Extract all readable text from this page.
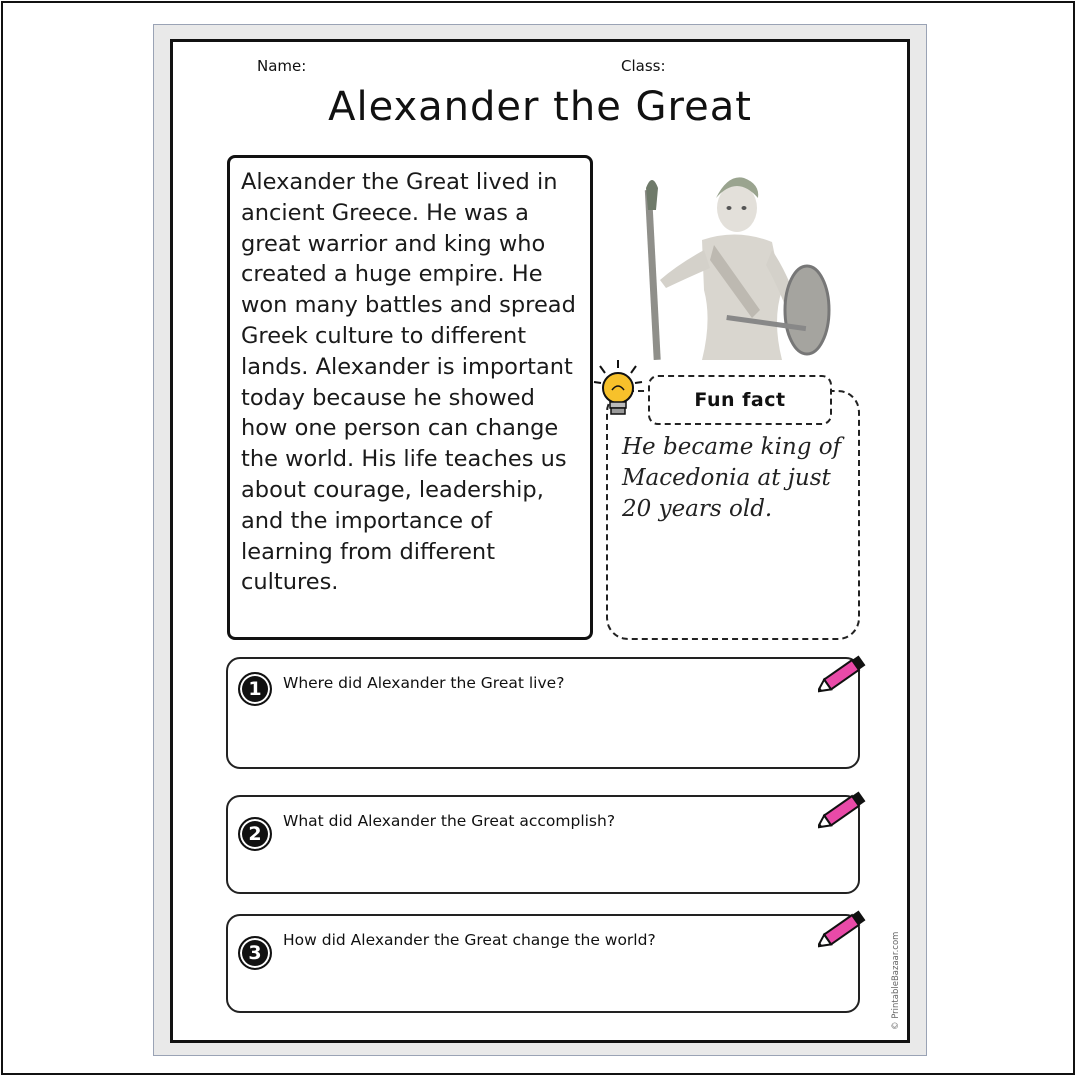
Name:	Class:
Alexander the Great

Alexander the Great lived in ancient Greece. He was a great warrior and king who created a huge empire. He won many battles and spread Greek culture to different lands. Alexander is important today because he showed how one person can change the world. His life teaches us about courage, leadership, and the importance of learning from different cultures.

Fun fact

He became king of Macedonia at just 20 years old.

1	Where did Alexander the Great live?
2
What did Alexander the Great accomplish?
3
How did Alexander the Great change the world?	© PrintableBazaar.com
